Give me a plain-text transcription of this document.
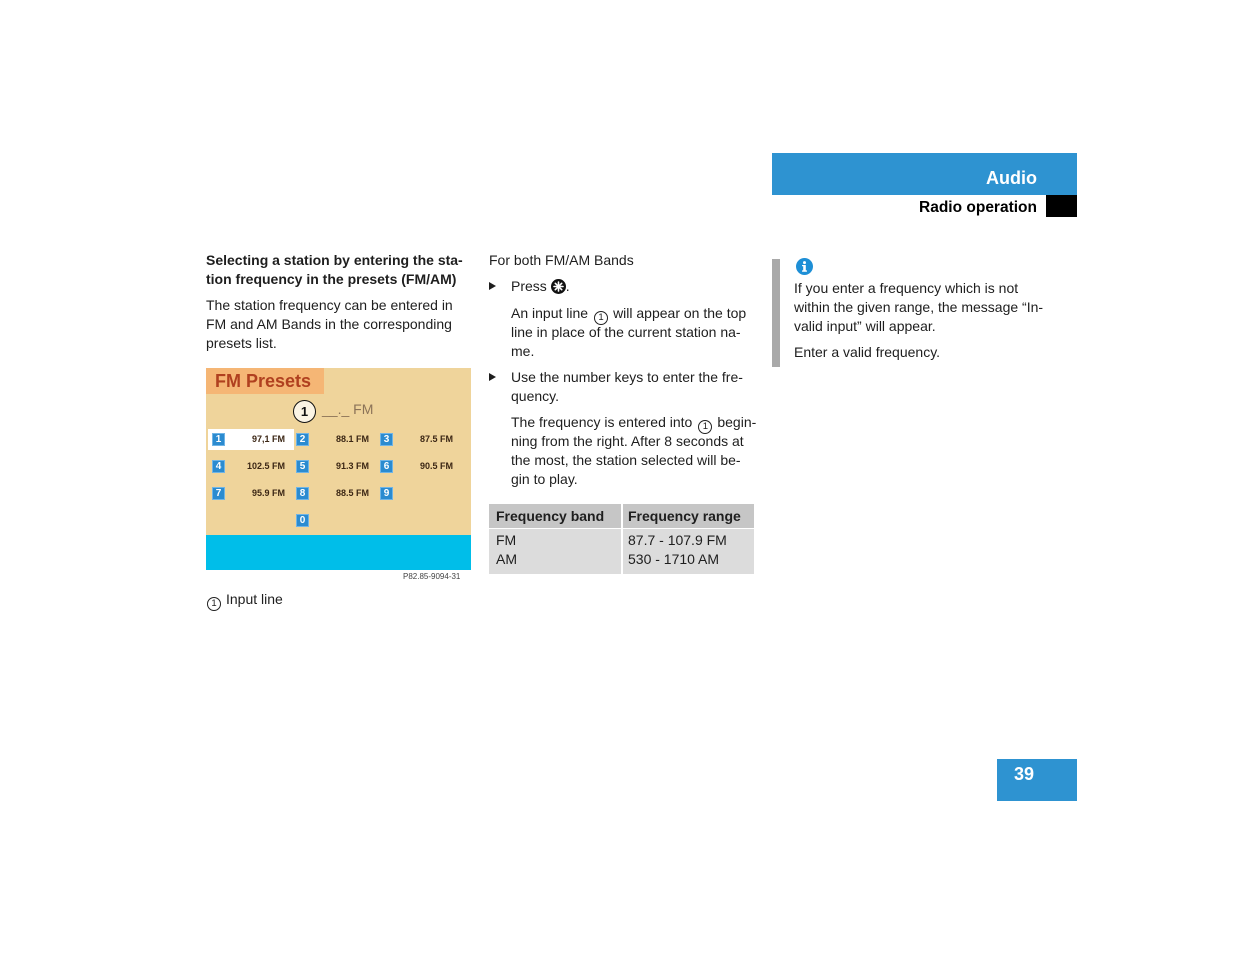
Audio
Radio operation
Selecting a station by entering the sta-
tion frequency in the presets (FM/AM)
The station frequency can be entered in
FM and AM Bands in the corresponding
presets list.
FM Presets
1 __._ FM
1	97,1 FM	2	88.1 FM	3	87.5 FM
4	102.5 FM	5	91.3 FM	6	90.5 FM
7	95.9 FM	8	88.5 FM	9
0
P82.85-9094-31
1 Input line
For both FM/AM Bands
Press .
An input line 1 will appear on the top
line in place of the current station na-
me.
Use the number keys to enter the fre-
quency.
The frequency is entered into 1 begin-
ning from the right. After 8 seconds at
the most, the station selected will be-
gin to play.
Frequency band	Frequency range
FM	87.7 - 107.9 FM
AM	530 - 1710 AM
If you enter a frequency which is not
within the given range, the message “In-
valid input” will appear.
Enter a valid frequency.
39
